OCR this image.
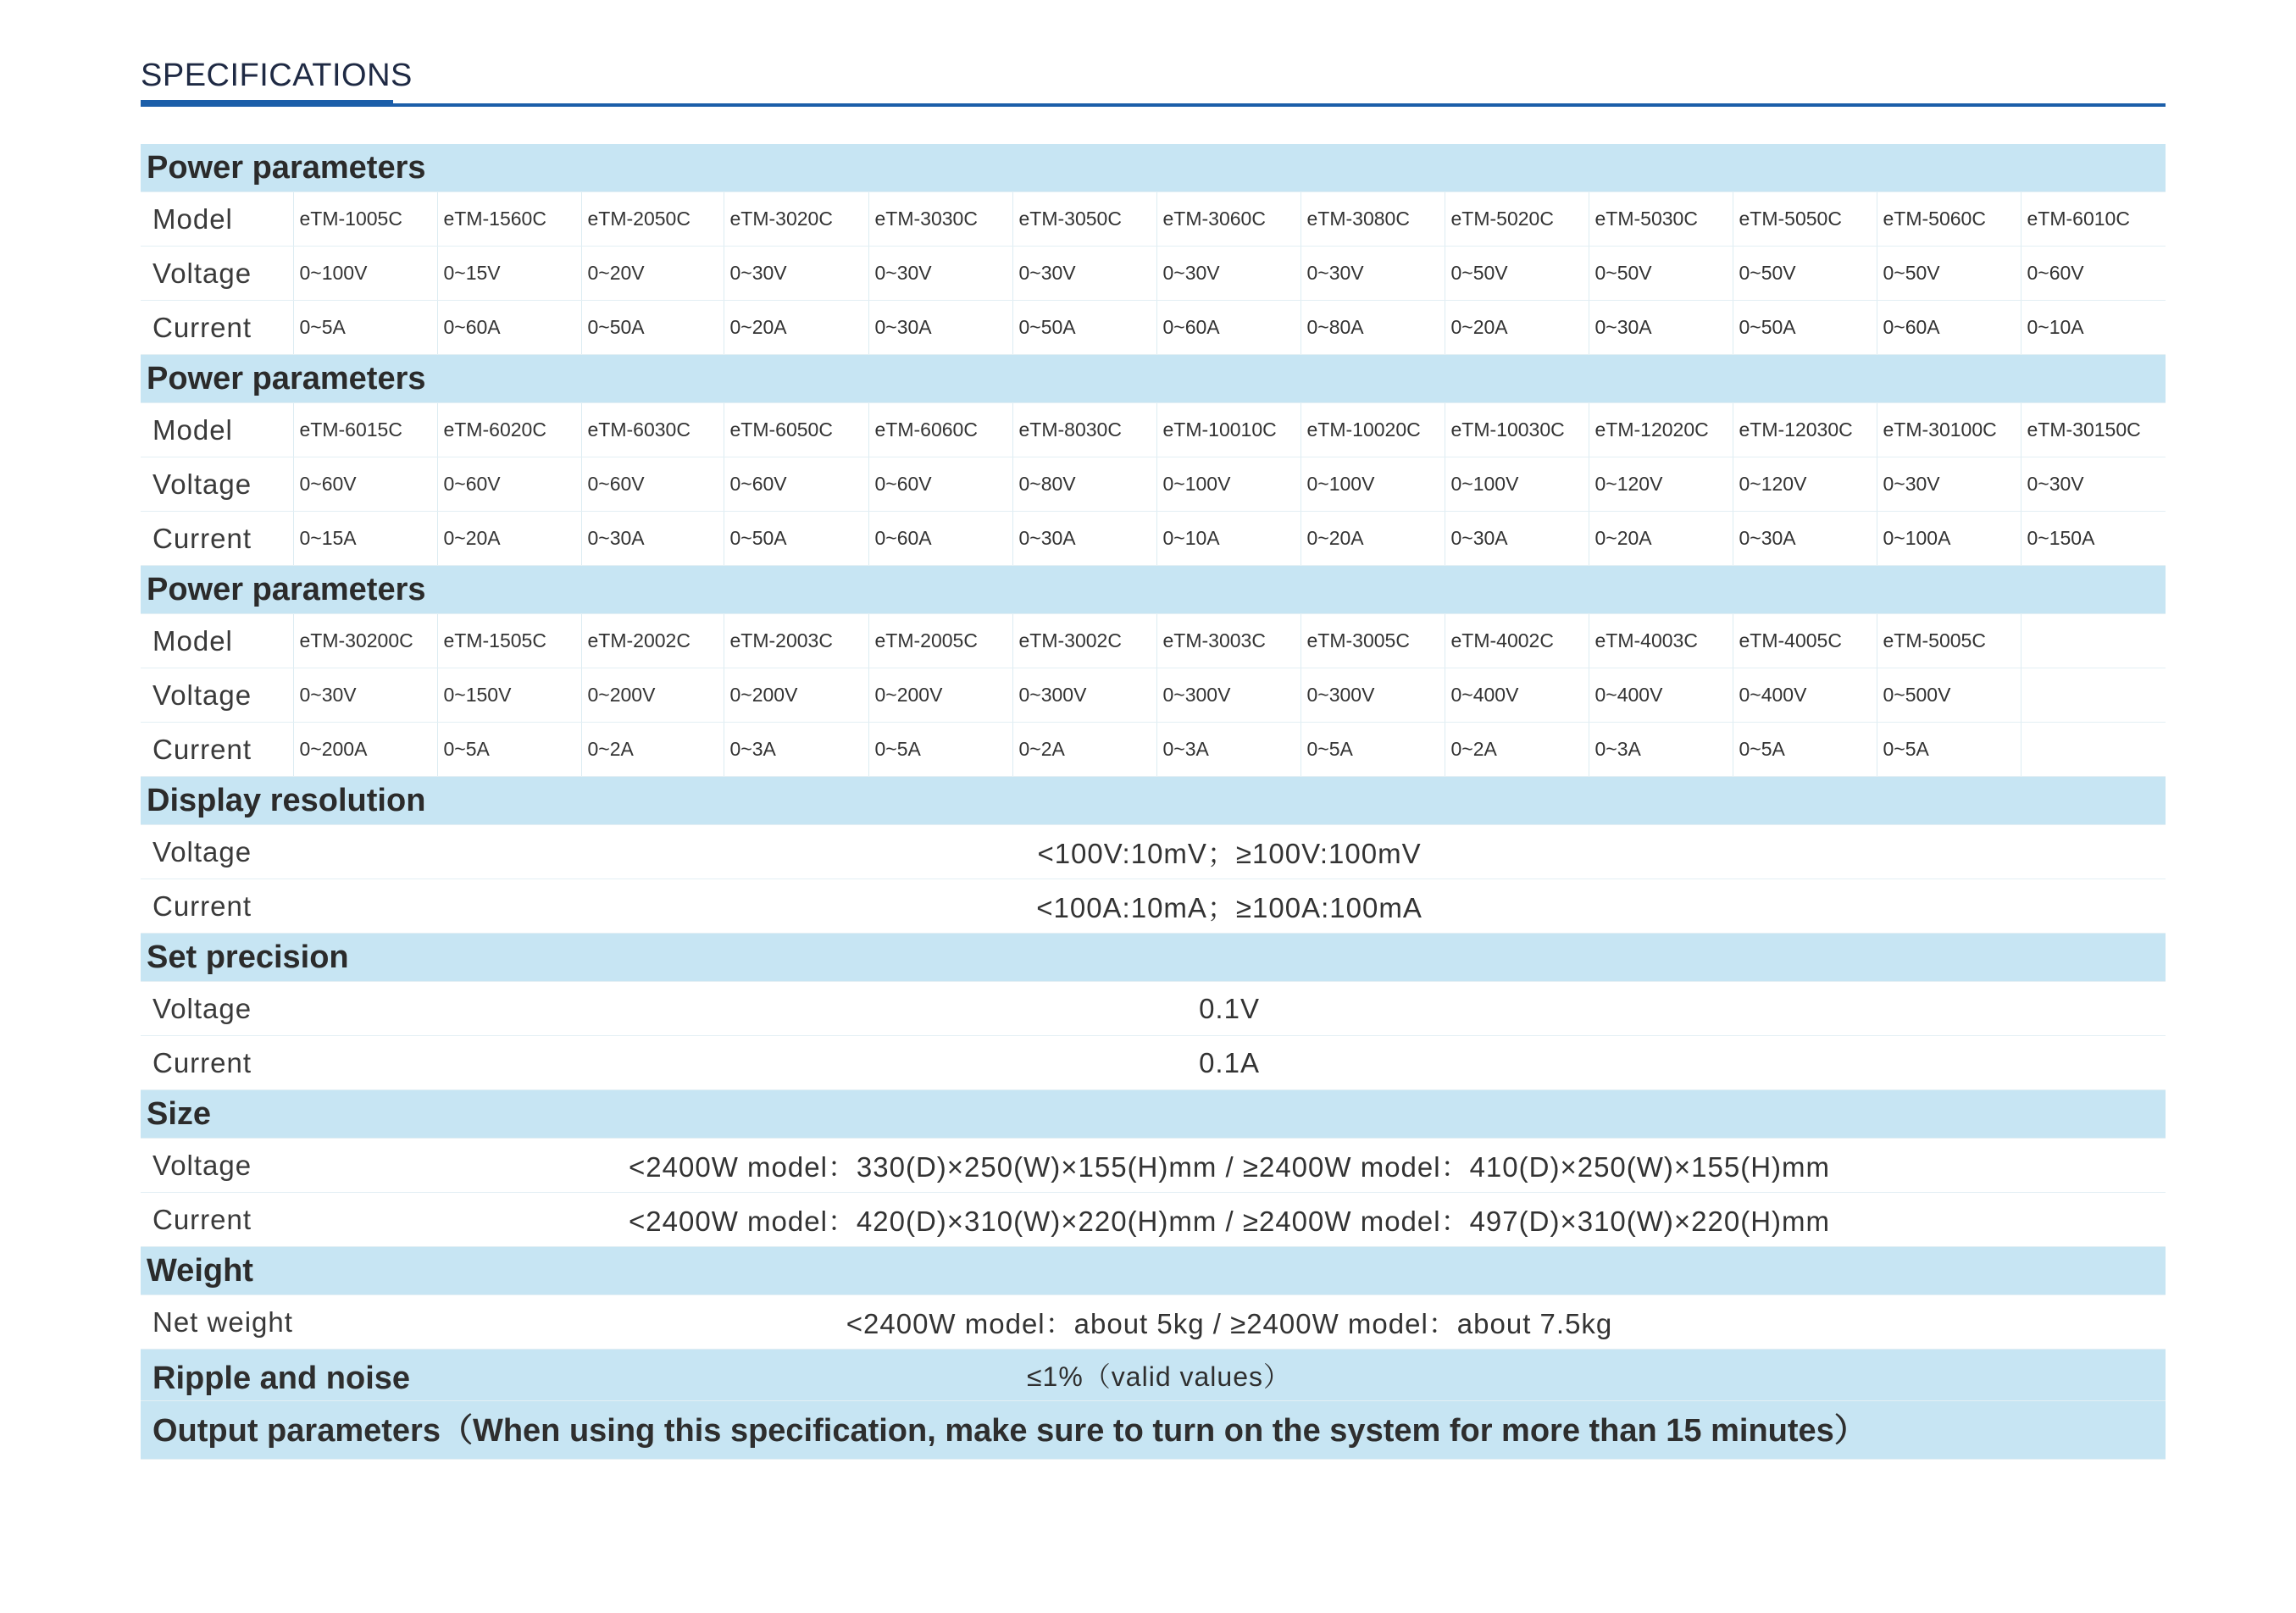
SPECIFICATIONS
Power parameters													
Model	eTM-1005C	eTM-1560C	eTM-2050C	eTM-3020C	eTM-3030C	eTM-3050C	eTM-3060C	eTM-3080C	eTM-5020C	eTM-5030C	eTM-5050C	eTM-5060C	eTM-6010C
Voltage	0~100V	0~15V	0~20V	0~30V	0~30V	0~30V	0~30V	0~30V	0~50V	0~50V	0~50V	0~50V	0~60V
Current	0~5A	0~60A	0~50A	0~20A	0~30A	0~50A	0~60A	0~80A	0~20A	0~30A	0~50A	0~60A	0~10A
Power parameters													
Model	eTM-6015C	eTM-6020C	eTM-6030C	eTM-6050C	eTM-6060C	eTM-8030C	eTM-10010C	eTM-10020C	eTM-10030C	eTM-12020C	eTM-12030C	eTM-30100C	eTM-30150C
Voltage	0~60V	0~60V	0~60V	0~60V	0~60V	0~80V	0~100V	0~100V	0~100V	0~120V	0~120V	0~30V	0~30V
Current	0~15A	0~20A	0~30A	0~50A	0~60A	0~30A	0~10A	0~20A	0~30A	0~20A	0~30A	0~100A	0~150A
Power parameters													
Model	eTM-30200C	eTM-1505C	eTM-2002C	eTM-2003C	eTM-2005C	eTM-3002C	eTM-3003C	eTM-3005C	eTM-4002C	eTM-4003C	eTM-4005C	eTM-5005C	
Voltage	0~30V	0~150V	0~200V	0~200V	0~200V	0~300V	0~300V	0~300V	0~400V	0~400V	0~400V	0~500V	
Current	0~200A	0~5A	0~2A	0~3A	0~5A	0~2A	0~3A	0~5A	0~2A	0~3A	0~5A	0~5A	
Display resolution													
Voltage	<100V:10mV；≥100V:100mV												
Current	<100A:10mA；≥100A:100mA												
Set precision													
Voltage	0.1V												
Current	0.1A												
Size													
Voltage	<2400W model：330(D)×250(W)×155(H)mm / ≥2400W model：410(D)×250(W)×155(H)mm												
Current	<2400W model：420(D)×310(W)×220(H)mm / ≥2400W model：497(D)×310(W)×220(H)mm												
Weight													
Net weight	<2400W model：about 5kg / ≥2400W model：about 7.5kg												
Ripple and noise				≤1%（valid values）									
Output parameters（When using this specification, make sure to turn on the system for more than 15 minutes）													
